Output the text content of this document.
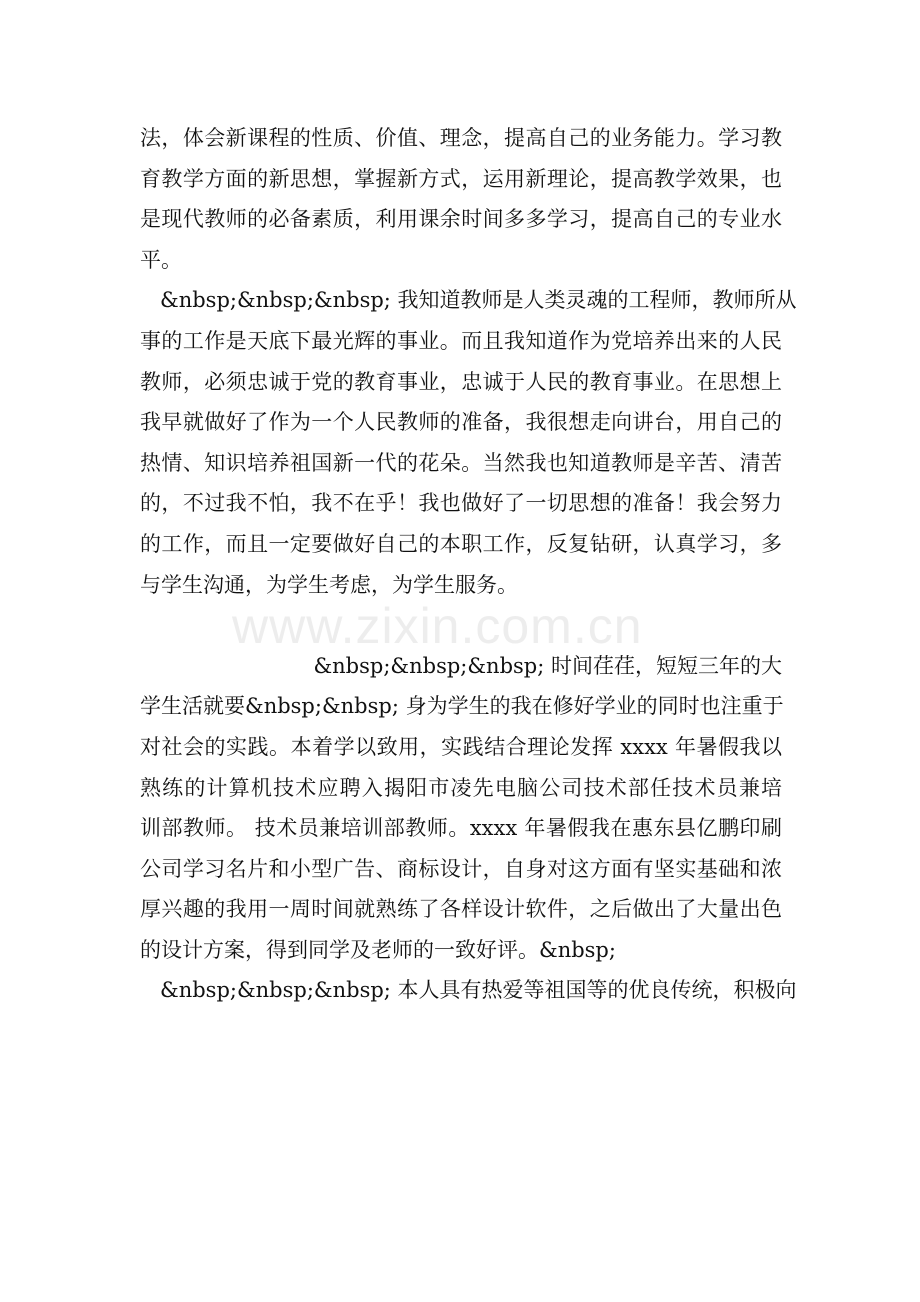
www.zixin.com.cn
法，体会新课程的性质、价值、理念，提高自己的业务能力。学习教
育教学方面的新思想，掌握新方式，运用新理论，提高教学效果，也
是现代教师的必备素质，利用课余时间多多学习，提高自己的专业水
平。
&nbsp;&nbsp;&nbsp; 我知道教师是人类灵魂的工程师，教师所从
事的工作是天底下最光辉的事业。而且我知道作为党培养出来的人民
教师，必须忠诚于党的教育事业，忠诚于人民的教育事业。在思想上
我早就做好了作为一个人民教师的准备，我很想走向讲台，用自己的
热情、知识培养祖国新一代的花朵。当然我也知道教师是辛苦、清苦
的，不过我不怕，我不在乎！我也做好了一切思想的准备！我会努力
的工作，而且一定要做好自己的本职工作，反复钻研，认真学习，多
与学生沟通，为学生考虑，为学生服务。
&nbsp;&nbsp;&nbsp; 时间荏荏，短短三年的大
学生活就要&nbsp;&nbsp; 身为学生的我在修好学业的同时也注重于
对社会的实践。本着学以致用，实践结合理论发挥 xxxx 年暑假我以
熟练的计算机技术应聘入揭阳市凌先电脑公司技术部任技术员兼培
训部教师。 技术员兼培训部教师。xxxx 年暑假我在惠东县亿鹏印刷
公司学习名片和小型广告、商标设计，自身对这方面有坚实基础和浓
厚兴趣的我用一周时间就熟练了各样设计软件，之后做出了大量出色
的设计方案，得到同学及老师的一致好评。&nbsp;
&nbsp;&nbsp;&nbsp; 本人具有热爱等祖国等的优良传统，积极向
